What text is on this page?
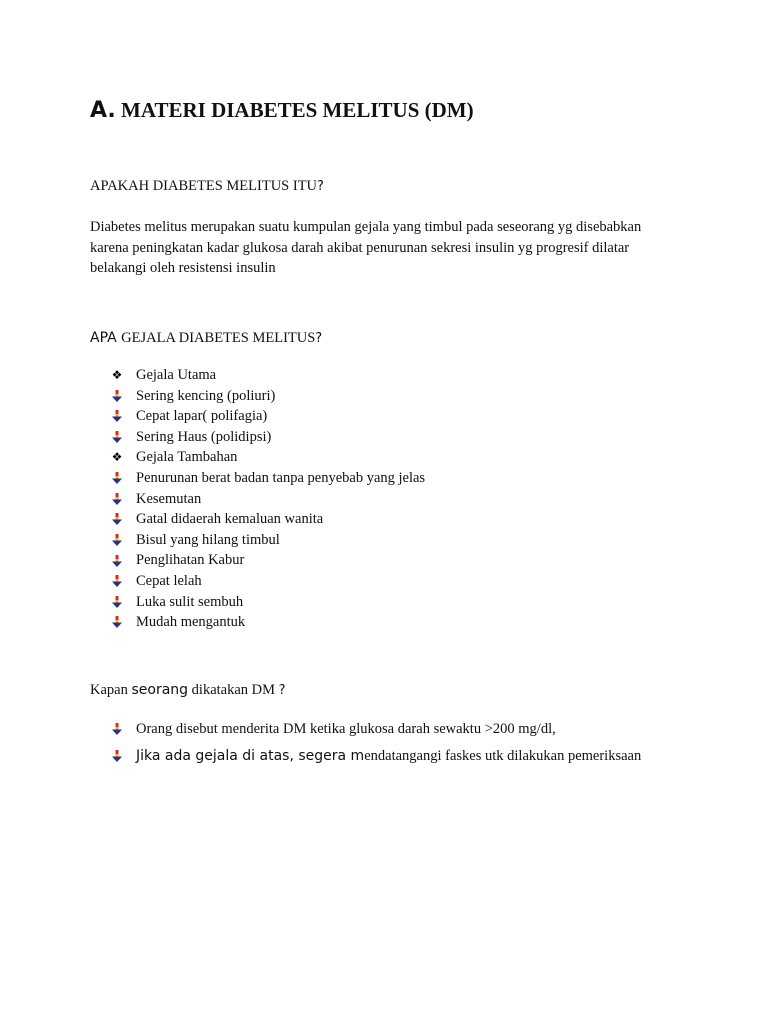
A. MATERI DIABETES MELITUS (DM)
APAKAH DIABETES MELITUS ITU?
Diabetes melitus merupakan suatu kumpulan gejala yang timbul pada seseorang yg disebabkan
karena peningkatan kadar glukosa darah akibat penurunan sekresi insulin yg progresif dilatar
belakangi oleh resistensi insulin
APA GEJALA DIABETES MELITUS?
❖ Gejala Utama
Sering kencing (poliuri)
Cepat lapar( polifagia)
Sering Haus (polidipsi)
❖ Gejala Tambahan
Penurunan berat badan tanpa penyebab yang jelas
Kesemutan
Gatal didaerah kemaluan wanita
Bisul yang hilang timbul
Penglihatan Kabur
Cepat lelah
Luka sulit sembuh
Mudah mengantuk
Kapan seorang dikatakan DM ?
Orang disebut menderita DM ketika glukosa darah sewaktu >200 mg/dl,
Jika ada gejala di atas, segera mendatangangi faskes utk dilakukan pemeriksaan
